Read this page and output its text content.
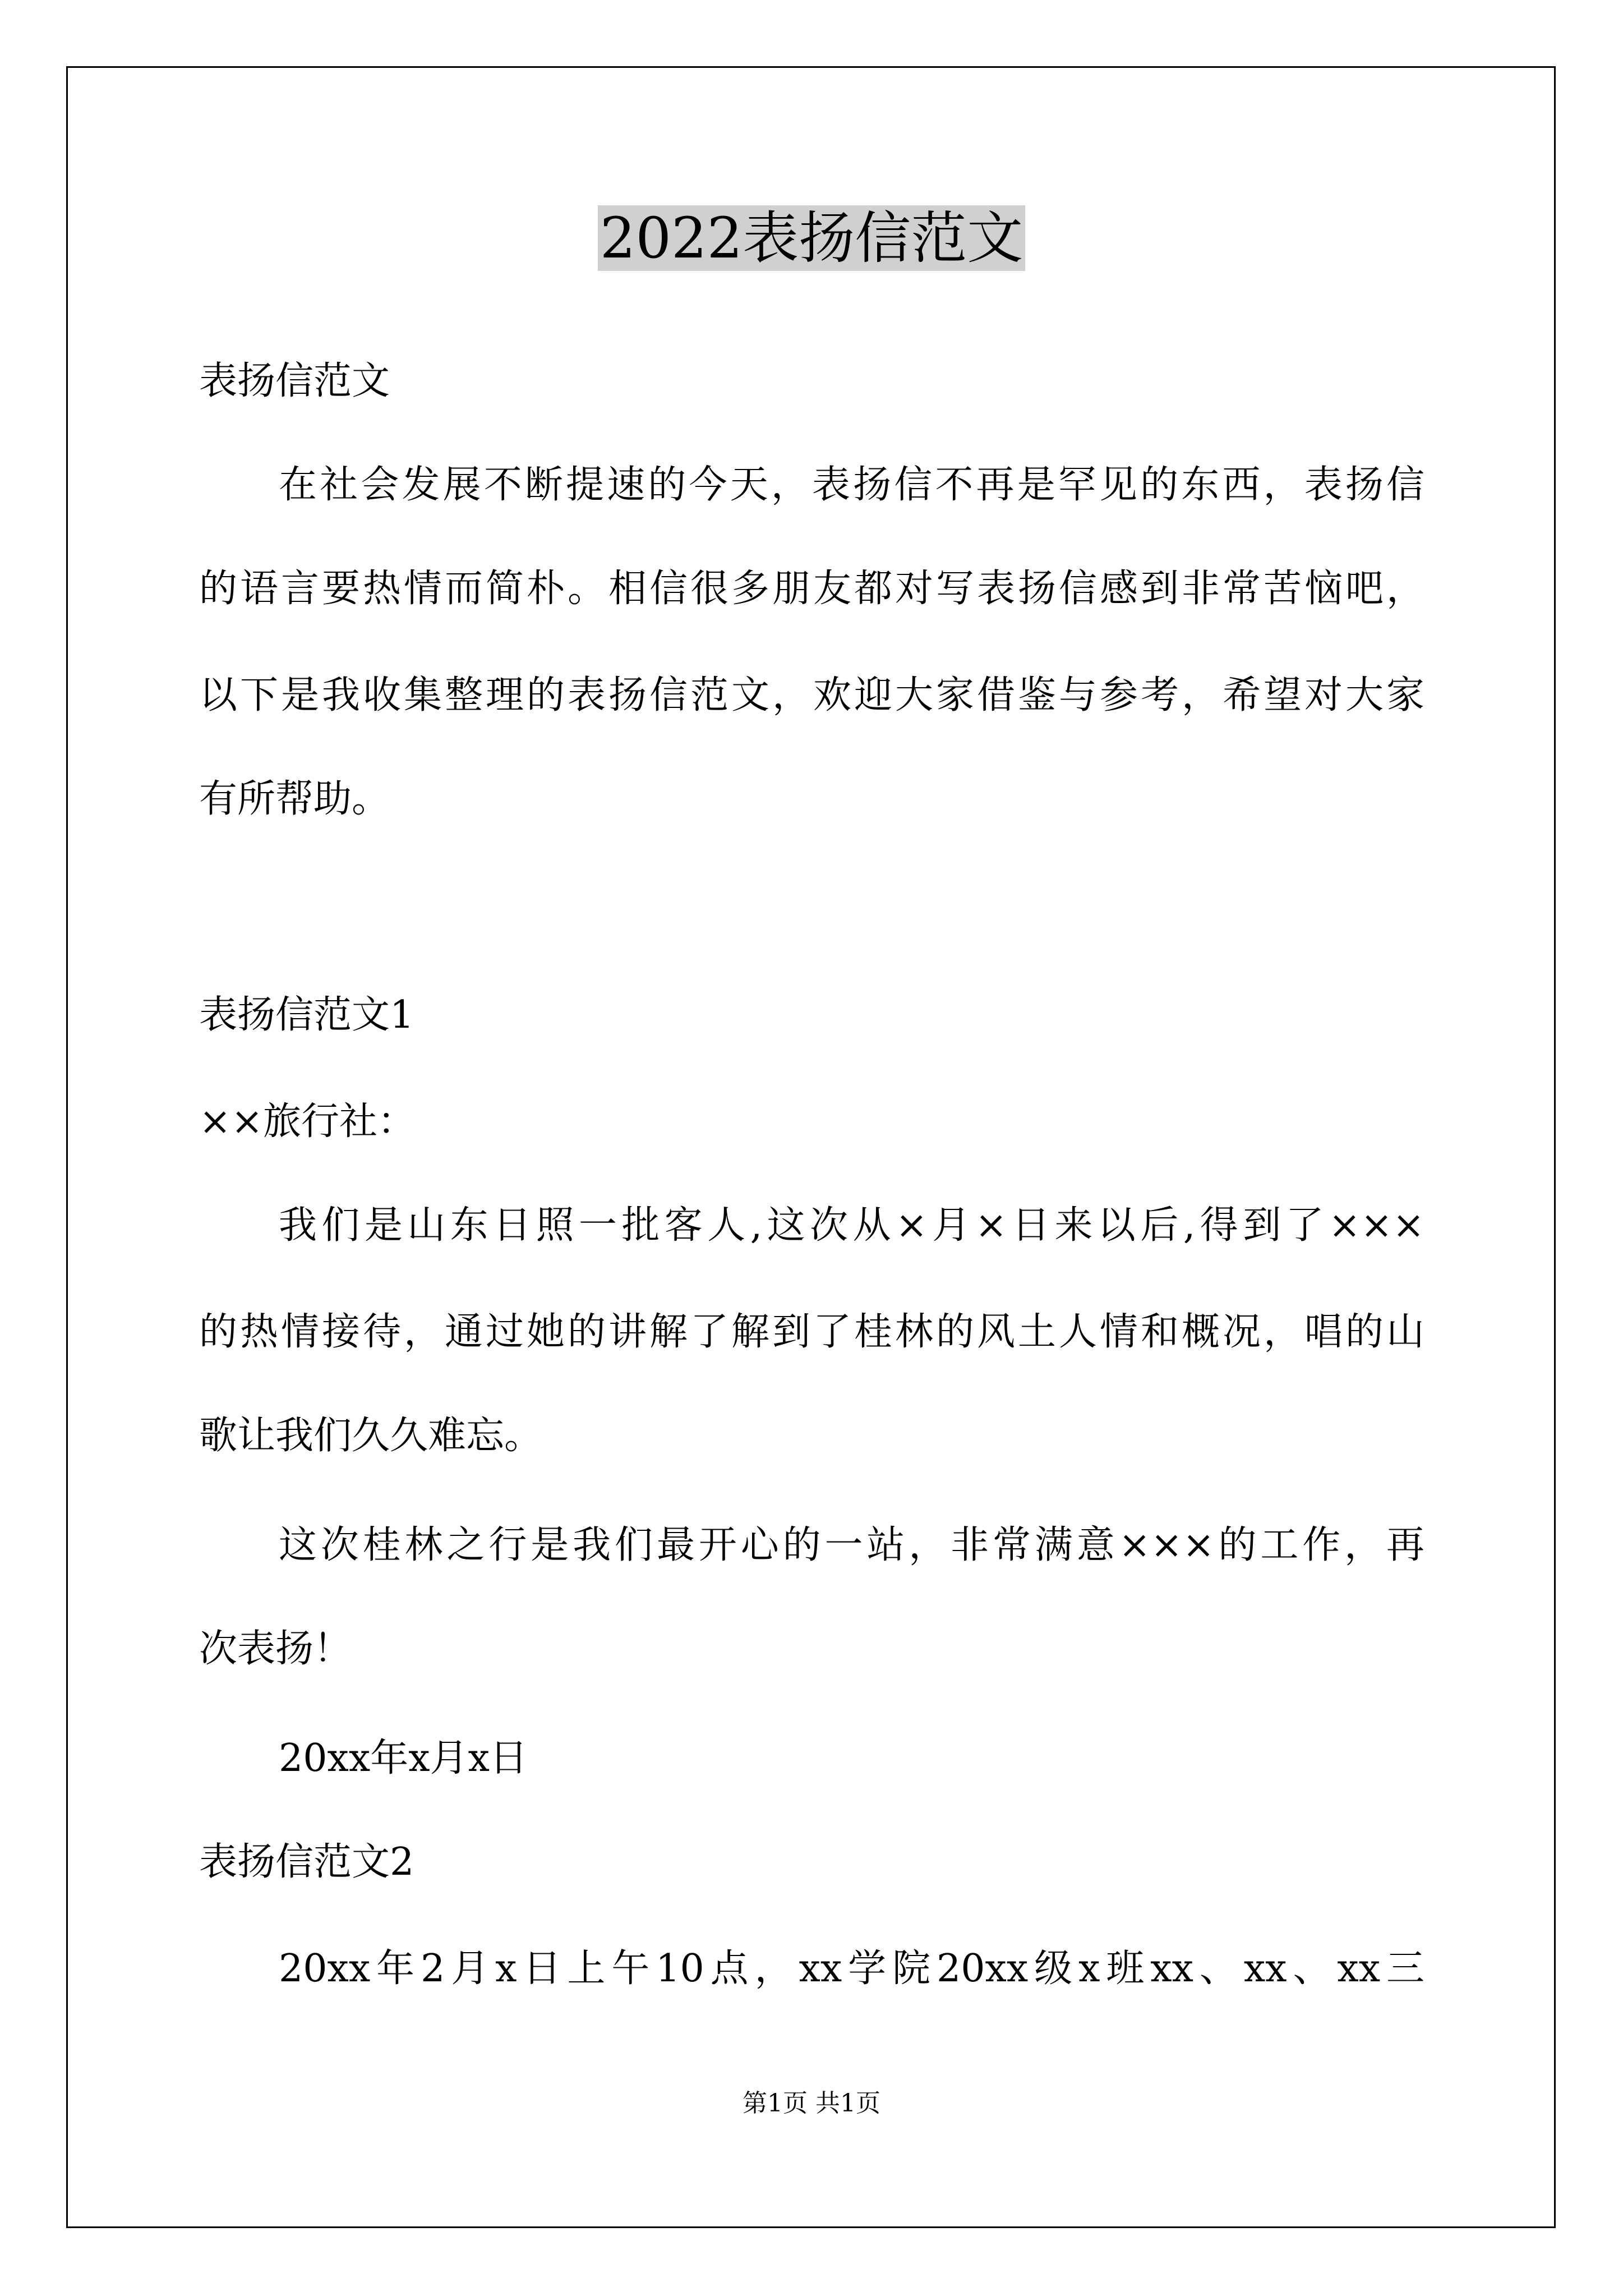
2022表扬信范文
表扬信范文
在社会发展不断提速的今天，表扬信不再是罕见的东西，表扬信
的语言要热情而简朴。相信很多朋友都对写表扬信感到非常苦恼吧，
以下是我收集整理的表扬信范文，欢迎大家借鉴与参考，希望对大家
有所帮助。
表扬信范文1
××旅行社：
我们是山东日照一批客人,这次从×月×日来以后,得到了×××
的热情接待，通过她的讲解了解到了桂林的风土人情和概况，唱的山
歌让我们久久难忘。
这次桂林之行是我们最开心的一站，非常满意×××的工作，再
次表扬！
20xx年x月x日
表扬信范文2
20xx年2月x日上午10点，xx学院20xx级x班xx、xx、xx三
第1页 共1页
